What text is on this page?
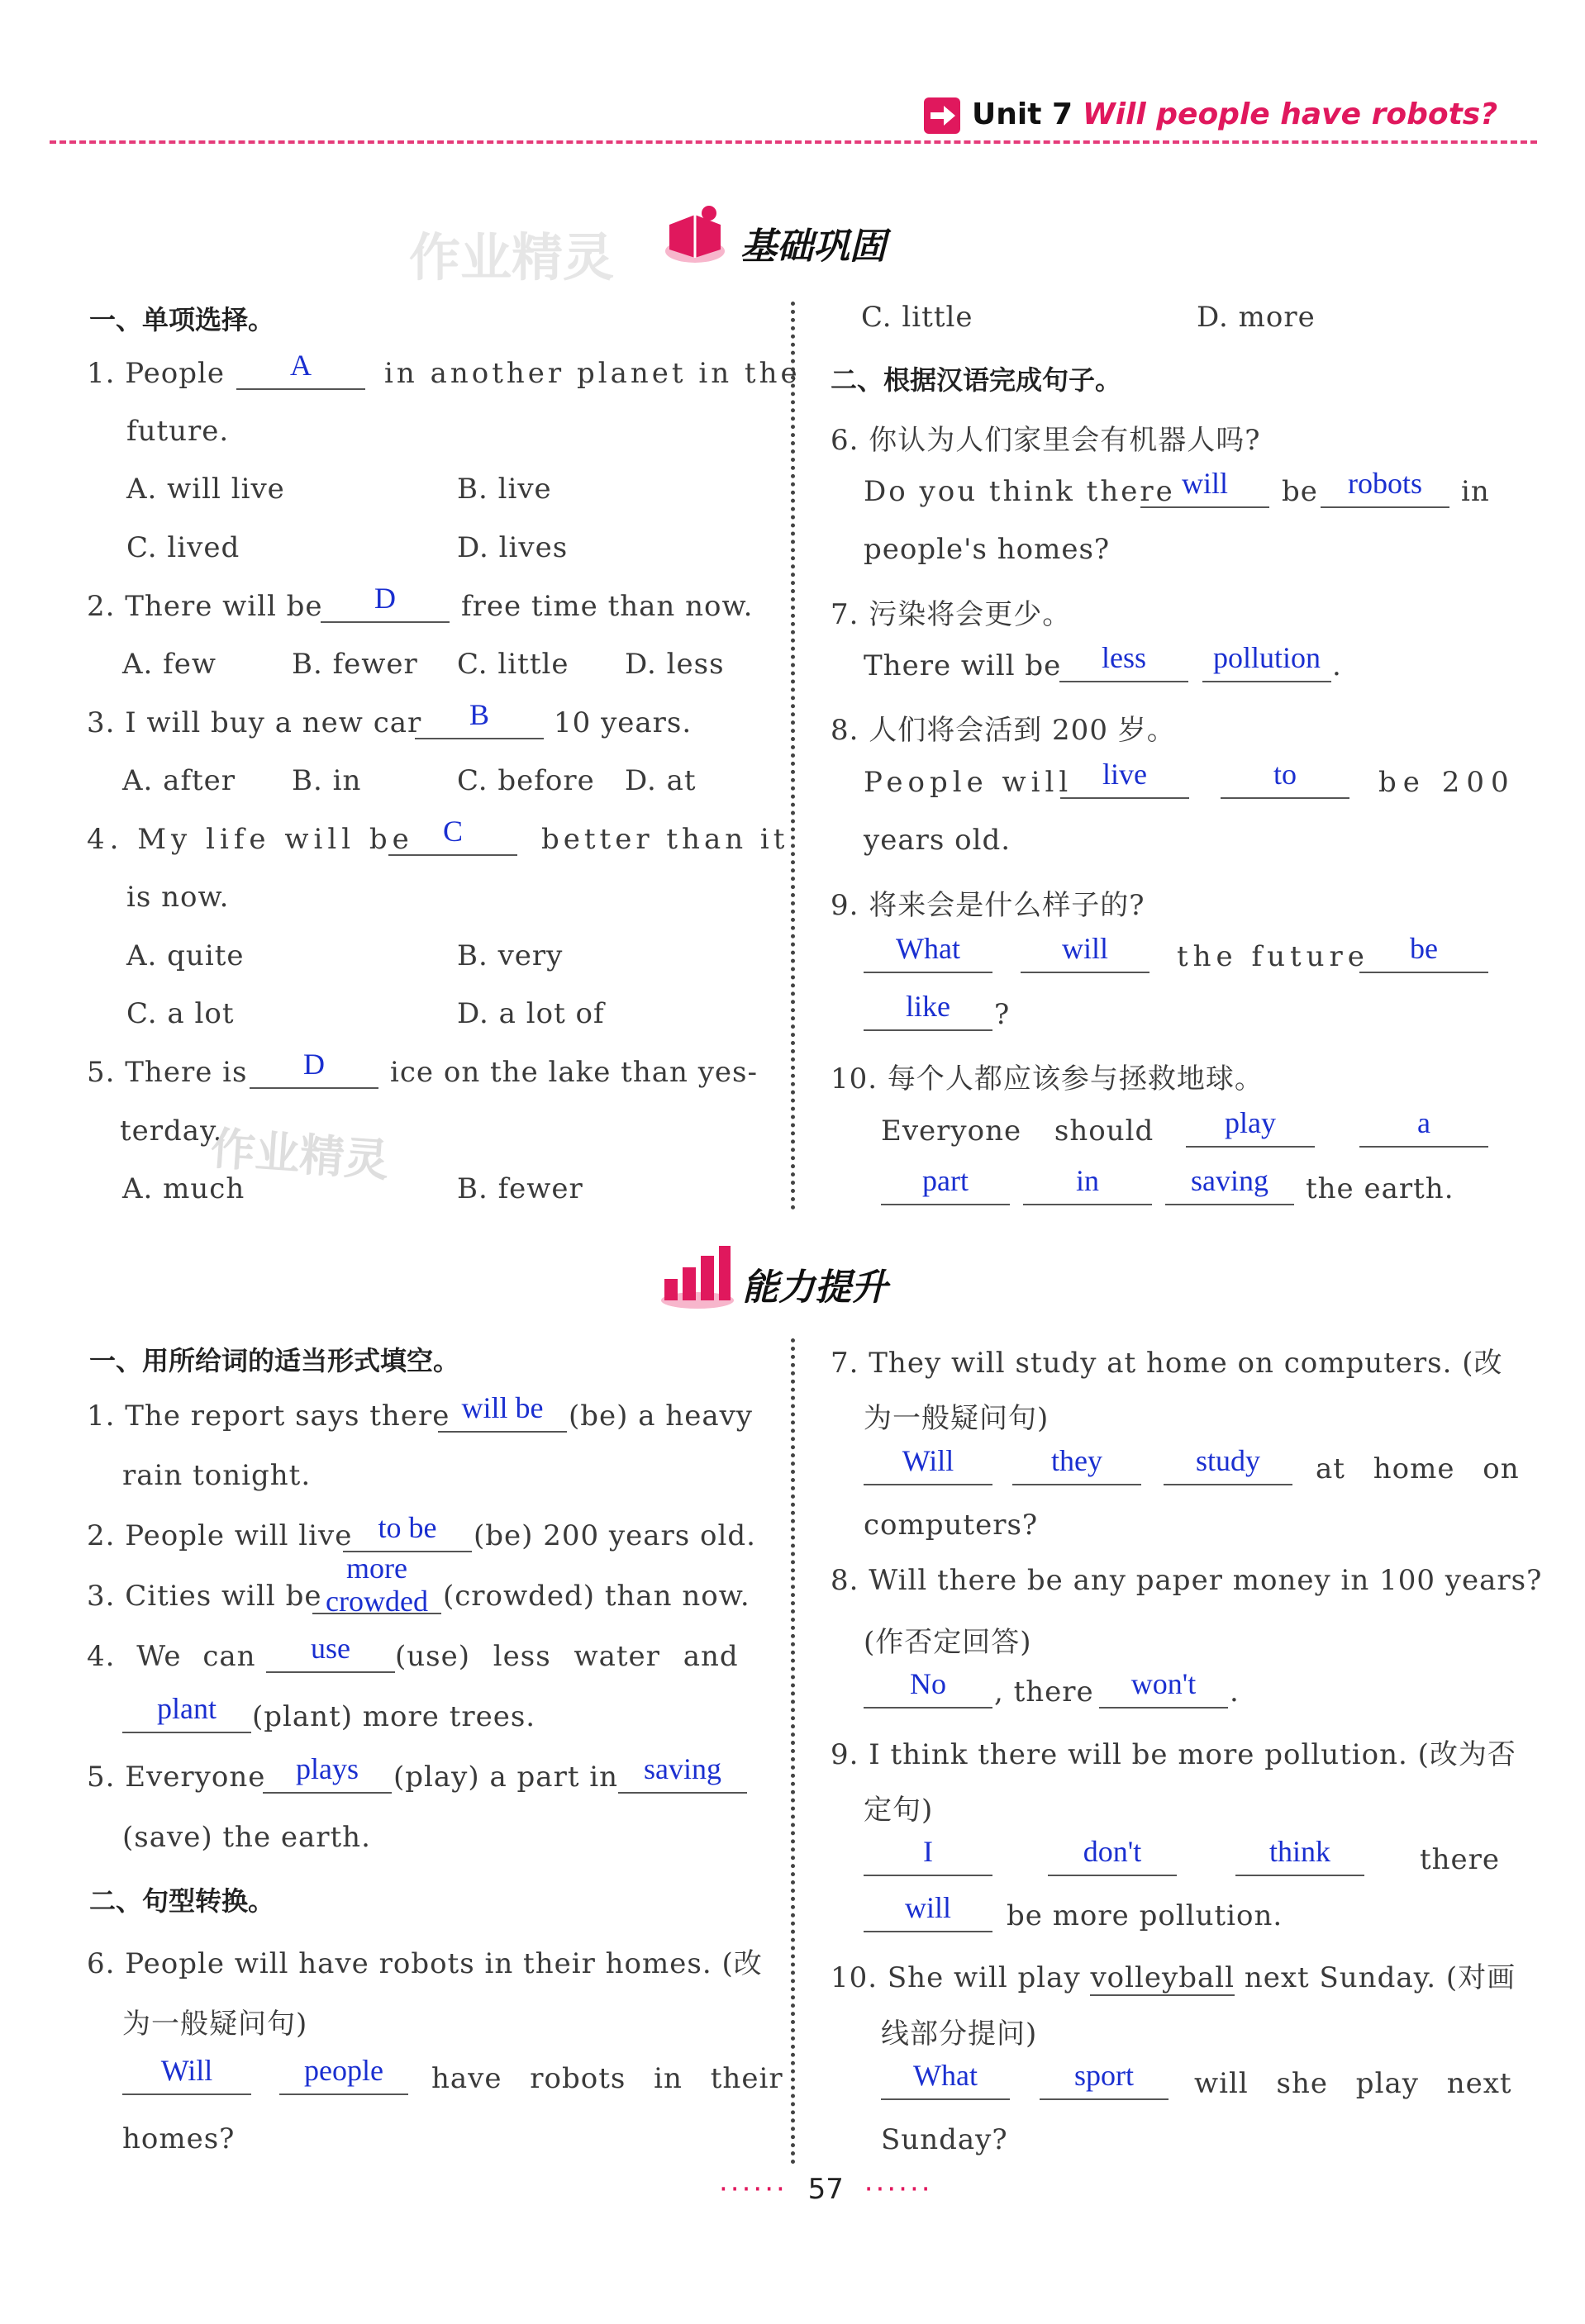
Unit 7 Will people have robots?
作业精灵	基础巩固
一、单项选择。
1. People	A	in another planet in the
future.
A. will live	B. live
C. lived	D. lives
2. There will be	D	free time than now.
A. few	B. fewer C. little D. less
3. I will buy a new car	B	10 years.
A. after B. in	C. before D. at
4. My life will be C	better than it
is now.
A. quite	B. very
C. a lot	D. a lot of
5. There is	D	ice on the lake than yes-
terday.
作业精灵
A. much	B. fewer
C. little	D. more
二、根据汉语完成句子。
6. 你认为人们家里会有机器人吗?
Do you think there will	be	robots	in
people's homes?
7. 污染将会更少。
There will be	less	pollution .
8. 人们将会活到 200 岁。
People will live	to	be 200
years old.
9. 将来会是什么样子的?
What	will	the future	be
like	?
10. 每个人都应该参与拯救地球。
Everyone should	play	a
part	in	saving	the earth.
能力提升
一、用所给词的适当形式填空。
1. The report says there will be (be) a heavy
rain tonight.
2. People will live to be	(be) 200 years old.
3. Cities will be
more crowded (crowded) than now.
4. We can	use	(use) less water and
plant	(plant) more trees.
5. Everyone	plays	(play) a part in saving
(save) the earth.
二、句型转换。
6. People will have robots in their homes. (改
为一般疑问句)
Will	people	have robots in their
homes?
7. They will study at home on computers. (改
为一般疑问句)
Will	they	study	at home on
computers?
8. Will there be any paper money in 100 years?
(作否定回答)
No	, there	won't	.
9. I think there will be more pollution. (改为否
定句)
I	don't	think	there
will	be more pollution.
10. She will play volleyball next Sunday. (对画
线部分提问)
What	sport	will she play next
Sunday?
······ 57 ······
